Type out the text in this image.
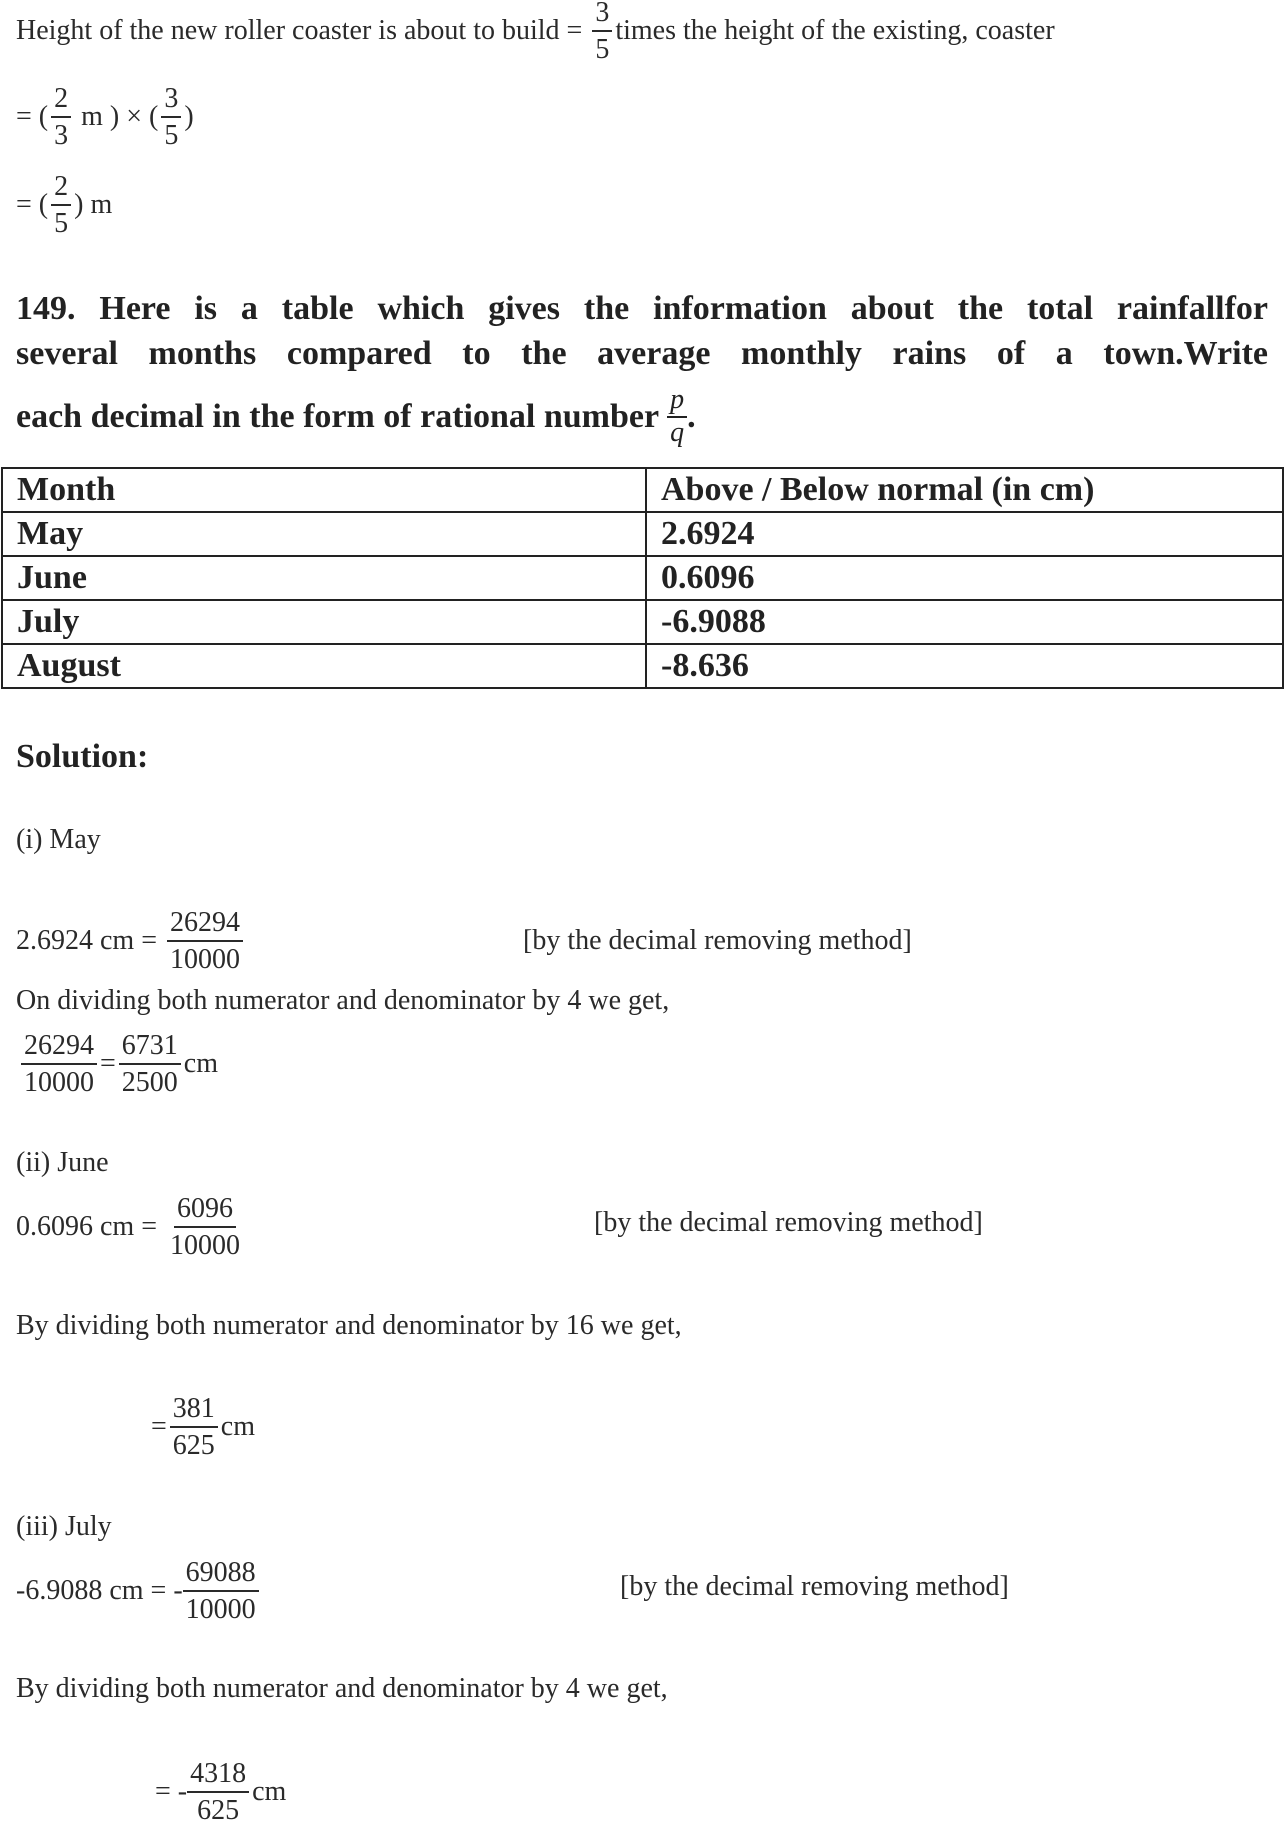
Height of the new roller coaster is about to build = $\frac{3}{5}$ times the height of the existing, coaster
= ( $\frac{2}{3}$ m ) × ( $\frac{3}{5}$ )
= ( $\frac{2}{5}$ ) m
149. Here is a table which gives the information about the total rainfallfor
several months compared to the average monthly rains of a town.Write
each decimal in the form of rational number $\frac{p}{q}$ .
Month	Above / Below normal (in cm)
May	2.6924
June	0.6096
July	-6.9088
August	-8.636
Solution:
(i) May
2.6924 cm = $\frac{26294}{10000}$	[by the decimal removing method]
On dividing both numerator and denominator by 4 we get,
$\frac{26294}{10000} = \frac{6731}{2500}$ cm
(ii) June
0.6096 cm = $\frac{6096}{10000}$	[by the decimal removing method]
By dividing both numerator and denominator by 16 we get,
= $\frac{381}{625}$ cm
(iii) July
-6.9088 cm = - $\frac{69088}{10000}$	[by the decimal removing method]
By dividing both numerator and denominator by 4 we get,
= - $\frac{4318}{625}$ cm
